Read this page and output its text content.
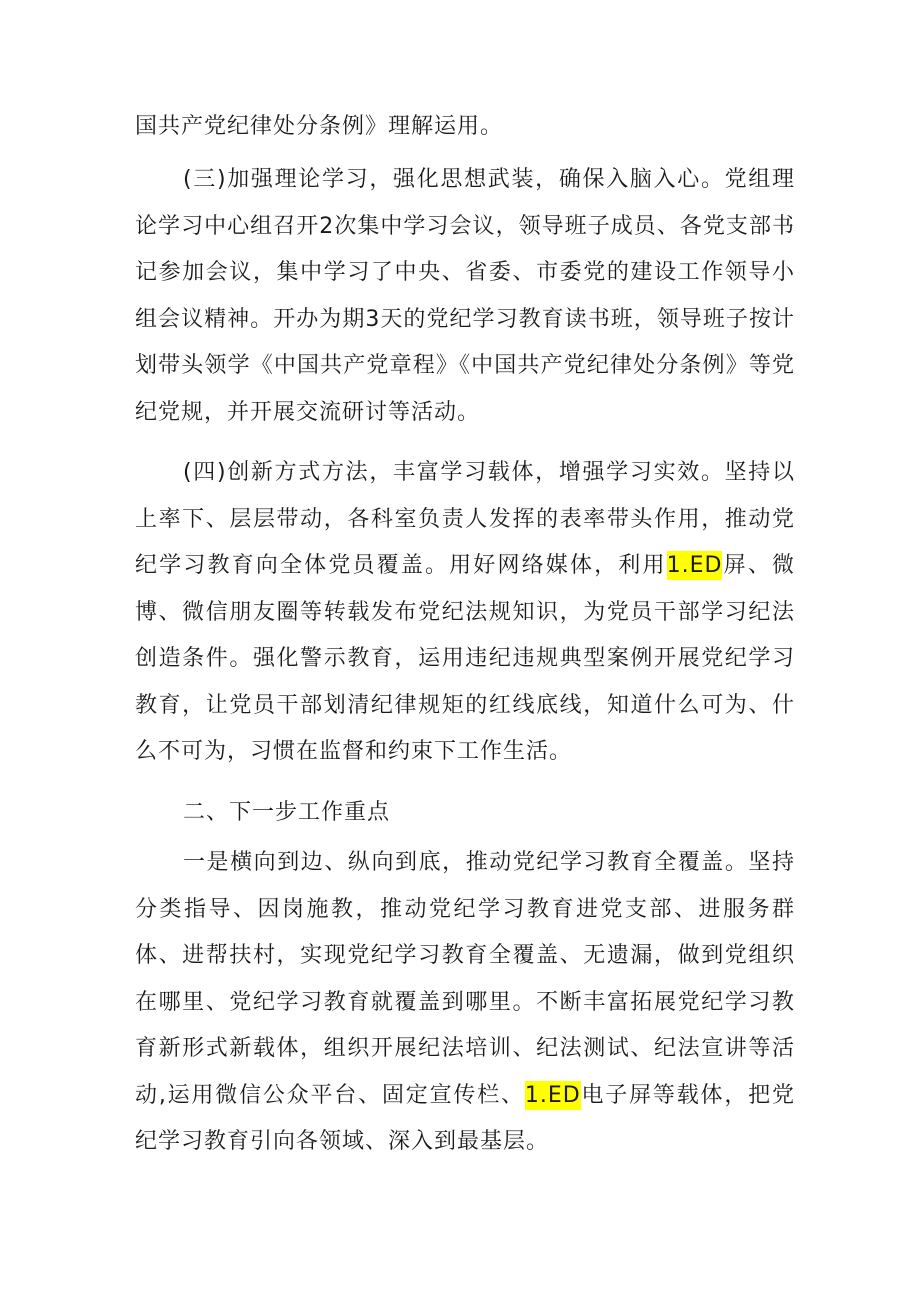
国共产党纪律处分条例》理解运用。

(三)加强理论学习，强化思想武装，确保入脑入心。党组理论学习中心组召开2次集中学习会议，领导班子成员、各党支部书记参加会议，集中学习了中央、省委、市委党的建设工作领导小组会议精神。开办为期3天的党纪学习教育读书班，领导班子按计划带头领学《中国共产党章程》《中国共产党纪律处分条例》等党纪党规，并开展交流研讨等活动。

(四)创新方式方法，丰富学习载体，增强学习实效。坚持以上率下、层层带动，各科室负责人发挥的表率带头作用，推动党纪学习教育向全体党员覆盖。用好网络媒体，利用1.ED屏、微博、微信朋友圈等转载发布党纪法规知识，为党员干部学习纪法创造条件。强化警示教育，运用违纪违规典型案例开展党纪学习教育，让党员干部划清纪律规矩的红线底线，知道什么可为、什么不可为，习惯在监督和约束下工作生活。

二、下一步工作重点

一是横向到边、纵向到底，推动党纪学习教育全覆盖。坚持分类指导、因岗施教，推动党纪学习教育进党支部、进服务群体、进帮扶村，实现党纪学习教育全覆盖、无遗漏，做到党组织在哪里、党纪学习教育就覆盖到哪里。不断丰富拓展党纪学习教育新形式新载体，组织开展纪法培训、纪法测试、纪法宣讲等活动,运用微信公众平台、固定宣传栏、1.ED电子屏等载体，把党纪学习教育引向各领域、深入到最基层。
